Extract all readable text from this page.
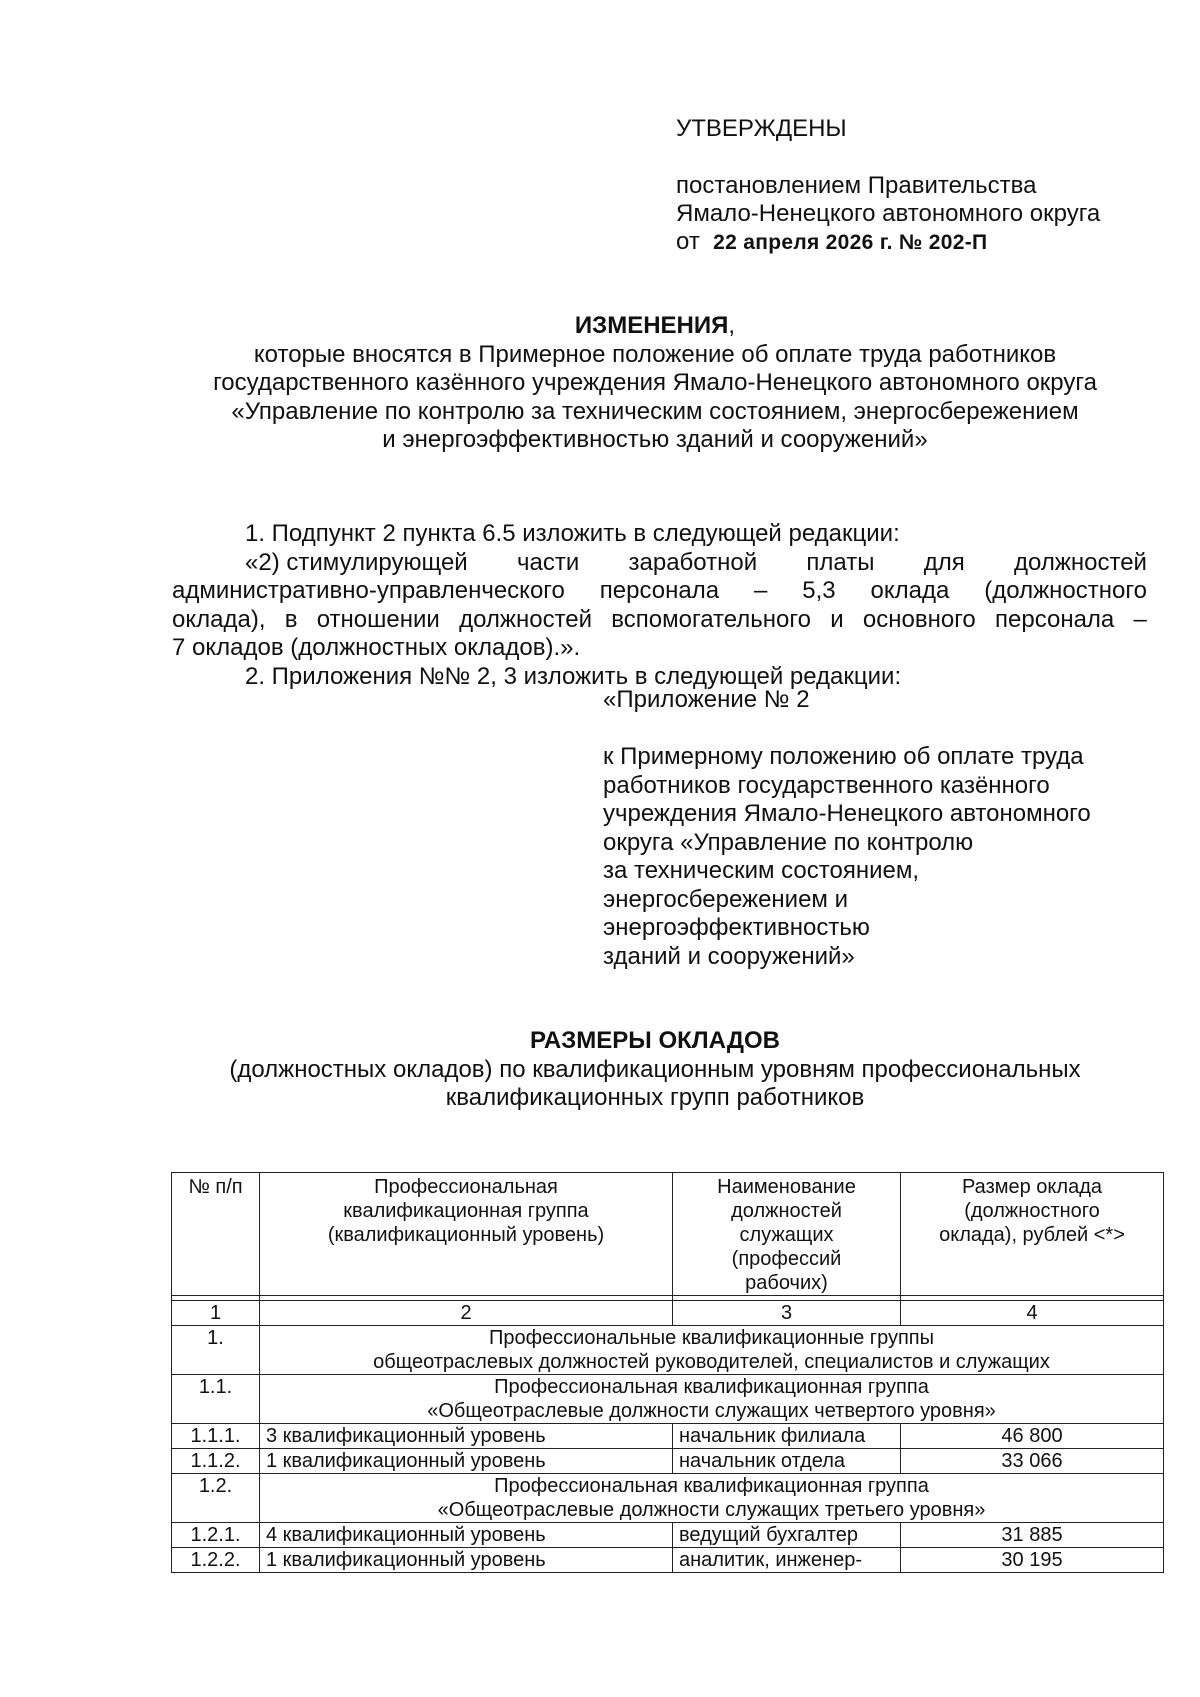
УТВЕРЖДЕНЫ
постановлением Правительства
Ямало-Ненецкого автономного округа
от 22 апреля 2026 г. № 202-П
ИЗМЕНЕНИЯ,
которые вносятся в Примерное положение об оплате труда работников
государственного казённого учреждения Ямало-Ненецкого автономного округа
«Управление по контролю за техническим состоянием, энергосбережением
и энергоэффективностью зданий и сооружений»
1. Подпункт 2 пункта 6.5 изложить в следующей редакции:
«2) стимулирующей части заработной платы для должностей
административно-управленческого персонала – 5,3 оклада (должностного
оклада), в отношении должностей вспомогательного и основного персонала –
7 окладов (должностных окладов).».
2. Приложения №№ 2, 3 изложить в следующей редакции:
«Приложение № 2
к Примерному положению об оплате труда
работников государственного казённого
учреждения Ямало-Ненецкого автономного
округа «Управление по контролю
за техническим состоянием,
энергосбережением и
энергоэффективностью
зданий и сооружений»
РАЗМЕРЫ ОКЛАДОВ
(должностных окладов) по квалификационным уровням профессиональных
квалификационных групп работников
№ п/п	Профессиональная
квалификационная группа
(квалификационный уровень)	Наименование
должностей
служащих
(профессий
рабочих)	Размер оклада
(должностного
оклада), рублей <*>

1	2	3	4
1.	Профессиональные квалификационные группы
общеотраслевых должностей руководителей, специалистов и служащих		

1.1.	Профессиональная квалификационная группа
«Общеотраслевые должности служащих четвертого уровня»		

1.1.1.	3 квалификационный уровень	начальник филиала	46 800
1.1.2.	1 квалификационный уровень	начальник отдела	33 066
1.2.	Профессиональная квалификационная группа
«Общеотраслевые должности служащих третьего уровня»		

1.2.1.	4 квалификационный уровень	ведущий бухгалтер	31 885
1.2.2.	1 квалификационный уровень	аналитик, инженер-	30 195
